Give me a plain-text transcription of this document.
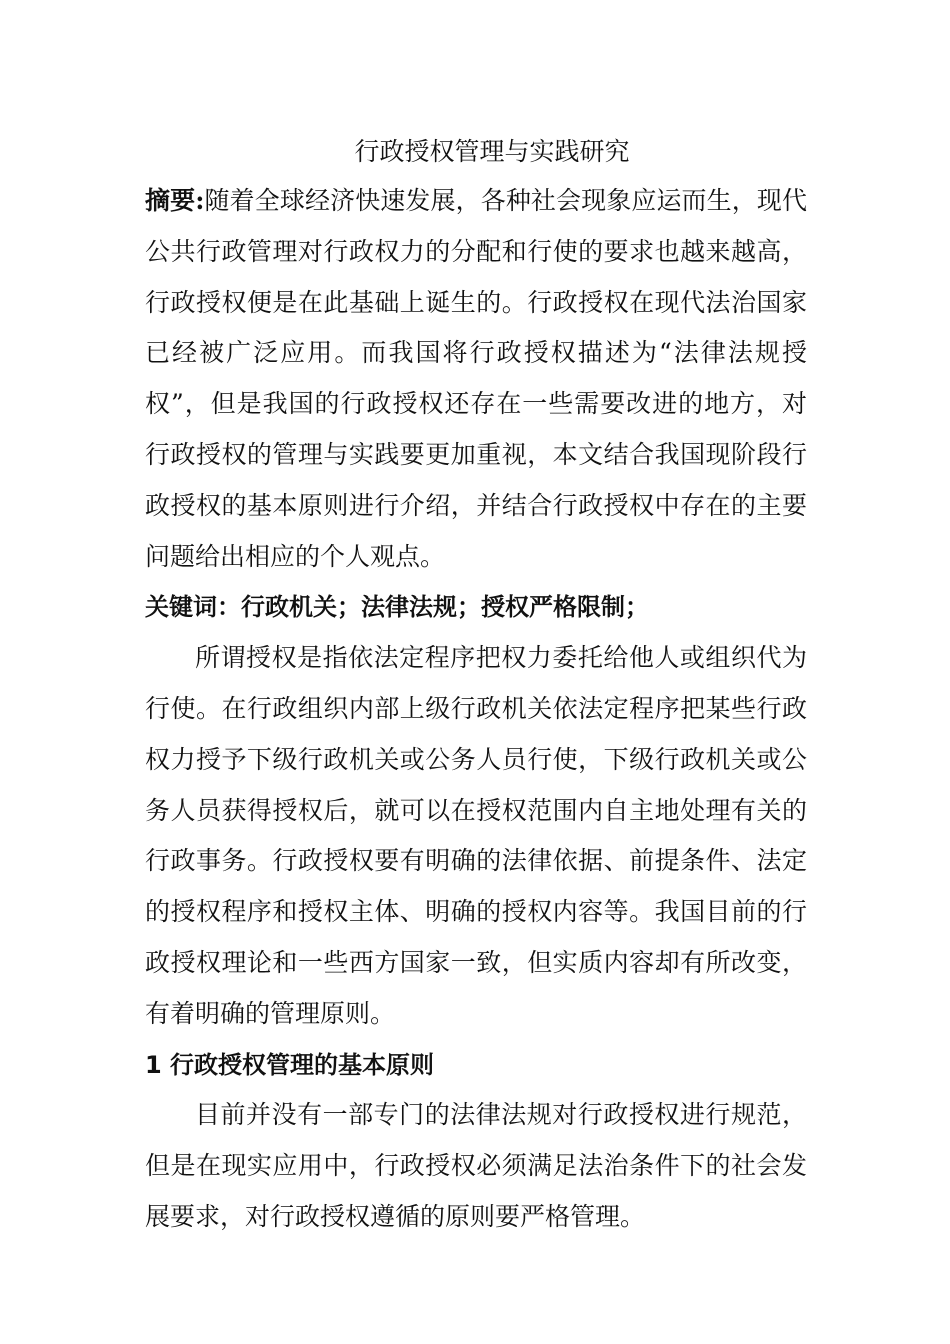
行政授权管理与实践研究

摘要:随着全球经济快速发展，各种社会现象应运而生，现代公共行政管理对行政权力的分配和行使的要求也越来越高，行政授权便是在此基础上诞生的。行政授权在现代法治国家已经被广泛应用。而我国将行政授权描述为“法律法规授权”，但是我国的行政授权还存在一些需要改进的地方，对行政授权的管理与实践要更加重视，本文结合我国现阶段行政授权的基本原则进行介绍，并结合行政授权中存在的主要问题给出相应的个人观点。

关键词：行政机关；法律法规；授权严格限制；

所谓授权是指依法定程序把权力委托给他人或组织代为行使。在行政组织内部上级行政机关依法定程序把某些行政权力授予下级行政机关或公务人员行使，下级行政机关或公务人员获得授权后，就可以在授权范围内自主地处理有关的行政事务。行政授权要有明确的法律依据、前提条件、法定的授权程序和授权主体、明确的授权内容等。我国目前的行政授权理论和一些西方国家一致，但实质内容却有所改变，有着明确的管理原则。

1 行政授权管理的基本原则

目前并没有一部专门的法律法规对行政授权进行规范，但是在现实应用中，行政授权必须满足法治条件下的社会发展要求，对行政授权遵循的原则要严格管理。
